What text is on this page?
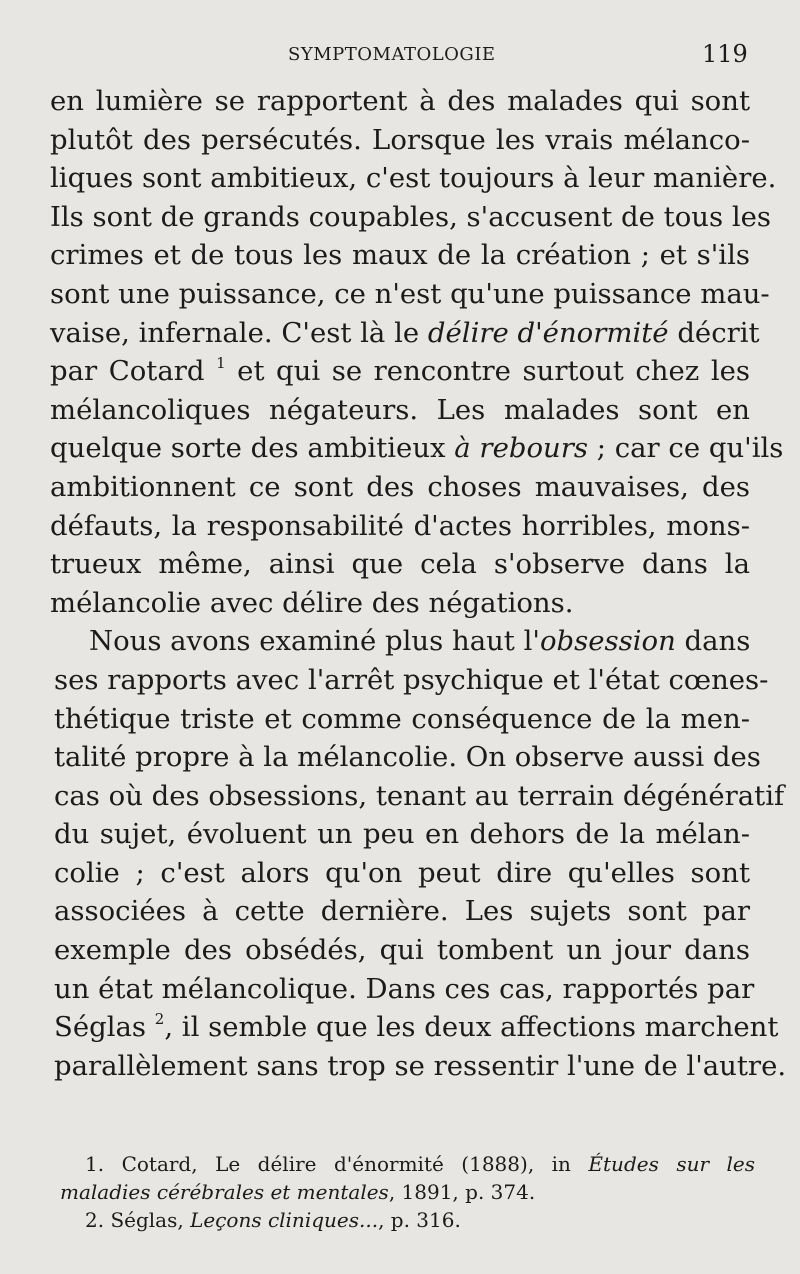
SYMPTOMATOLOGIE	119
en lumière se rapportent à des malades qui sont
plutôt des persécutés. Lorsque les vrais mélanco-
liques sont ambitieux, c'est toujours à leur manière.
Ils sont de grands coupables, s'accusent de tous les
crimes et de tous les maux de la création ; et s'ils
sont une puissance, ce n'est qu'une puissance mau-
vaise, infernale. C'est là le délire d'énormité décrit
par Cotard $^1$ et qui se rencontre surtout chez les
mélancoliques négateurs. Les malades sont en
quelque sorte des ambitieux à rebours ; car ce qu'ils
ambitionnent ce sont des choses mauvaises, des
défauts, la responsabilité d'actes horribles, mons-
trueux même, ainsi que cela s'observe dans la
mélancolie avec délire des négations.
Nous avons examiné plus haut l'obsession dans
ses rapports avec l'arrêt psychique et l'état cœnes-
thétique triste et comme conséquence de la men-
talité propre à la mélancolie. On observe aussi des
cas où des obsessions, tenant au terrain dégénératif
du sujet, évoluent un peu en dehors de la mélan-
colie ; c'est alors qu'on peut dire qu'elles sont
associées à cette dernière. Les sujets sont par
exemple des obsédés, qui tombent un jour dans
un état mélancolique. Dans ces cas, rapportés par
Séglas $^2$, il semble que les deux affections marchent
parallèlement sans trop se ressentir l'une de l'autre.
1. Cotard, Le délire d'énormité (1888), in Études sur les
maladies cérébrales et mentales, 1891, p. 374.
2. Séglas, Leçons cliniques..., p. 316.
